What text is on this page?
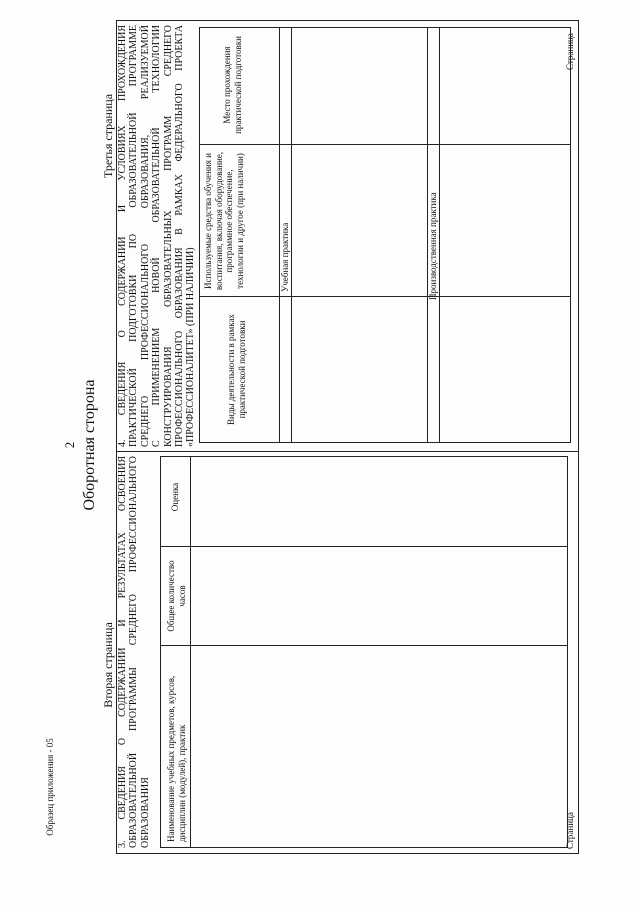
2 Оборотная сторона
Образец приложения - 05
Третья страница 4. СВЕДЕНИЯ О СОДЕРЖАНИИ И УСЛОВИЯХ ПРОХОЖДЕНИЯ ПРАКТИЧЕСКОЙ ПОДГОТОВКИ ПО ОБРАЗОВАТЕЛЬНОЙ ПРОГРАММЕ СРЕДНЕГО ПРОФЕССИОНАЛЬНОГО ОБРАЗОВАНИЯ, РЕАЛИЗУЕМОЙ С ПРИМЕНЕНИЕМ НОВОЙ ОБРАЗОВАТЕЛЬНОЙ ТЕХНОЛОГИИ КОНСТРУИРОВАНИЯ ОБРАЗОВАТЕЛЬНЫХ ПРОГРАММ СРЕДНЕГО ПРОФЕССИОНАЛЬНОГО ОБРАЗОВАНИЯ В РАМКАХ ФЕДЕРАЛЬНОГО ПРОЕКТА «ПРОФЕССИОНАЛИТЕТ» (ПРИ НАЛИЧИИ)	Виды деятельности в рамках практической подготовки
Используемые средства обучения и воспитания, включая оборудование, программное обеспечение, технологии и другое (при наличии)
Место прохождения практической подготовки
Учебная практика	Производственная практика
Страница
Вторая страница 3. СВЕДЕНИЯ О СОДЕРЖАНИИ И РЕЗУЛЬТАТАХ ОСВОЕНИЯ ОБРАЗОВАТЕЛЬНОЙ ПРОГРАММЫ СРЕДНЕГО ПРОФЕССИОНАЛЬНОГО ОБРАЗОВАНИЯ Наименование учебных предметов, курсов, дисциплин (модулей), практик
Общее количество часов
Оценка
Страница
